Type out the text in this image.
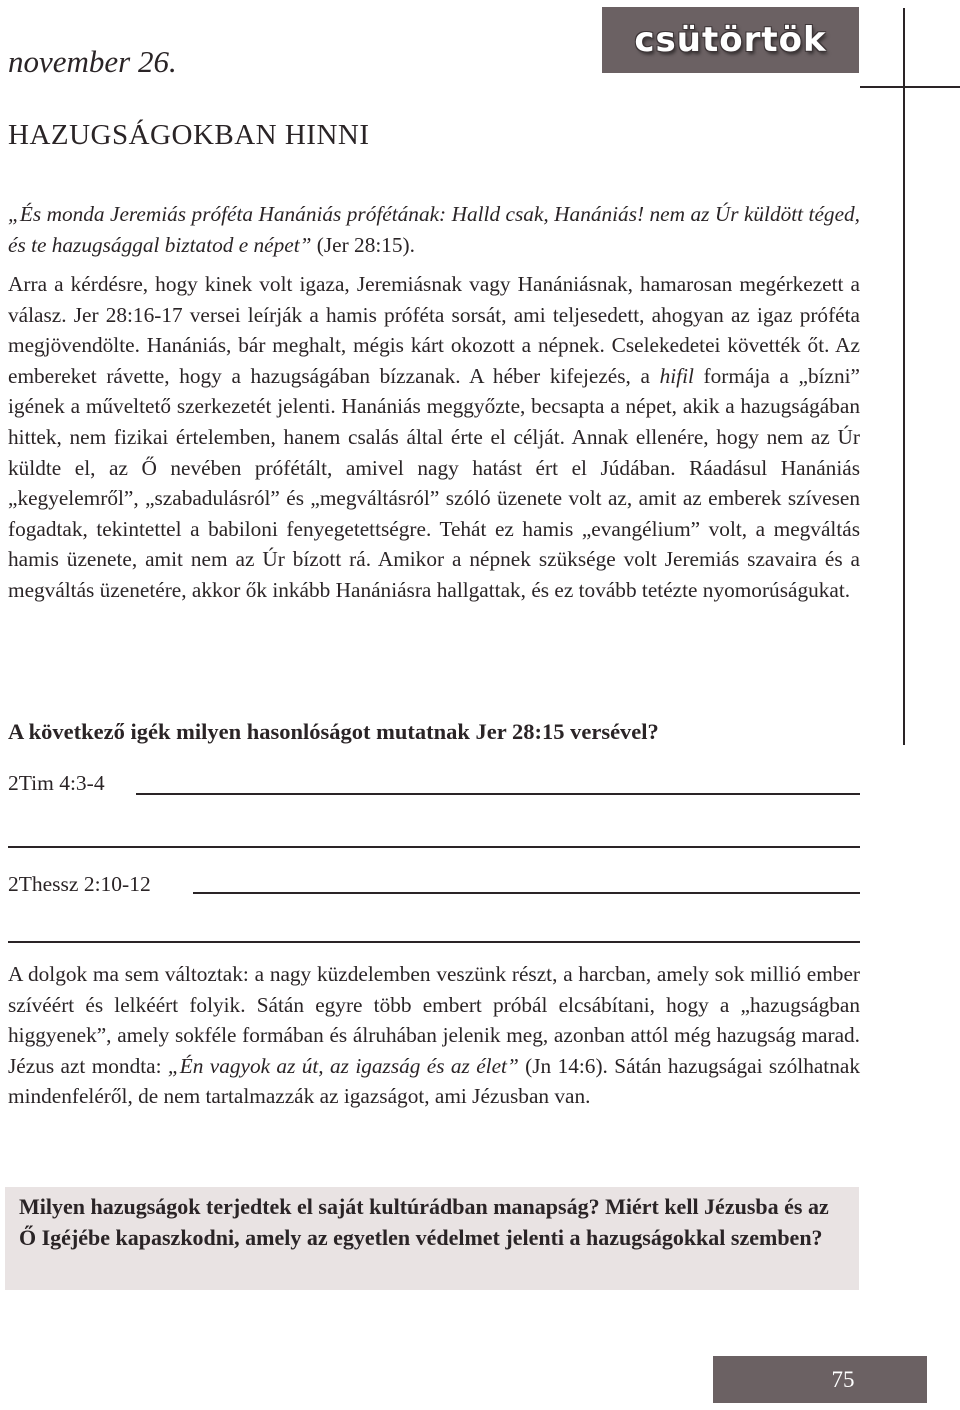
november 26.
csütörtök
HAZUGSÁGOKBAN HINNI

„És monda Jeremiás próféta Hanániás prófétának: Halld csak, Hanániás! nem az Úr küldött téged, és te hazugsággal biztatod e népet” (Jer 28:15).

Arra a kérdésre, hogy kinek volt igaza, Jeremiásnak vagy Hanániásnak, hamarosan megérkezett a válasz. Jer 28:16-17 versei leírják a hamis próféta sorsát, ami teljesedett, ahogyan az igaz próféta megjövendölte. Hanániás, bár meghalt, mégis kárt okozott a népnek. Cselekedetei követték őt. Az embereket rávette, hogy a hazugságában bízzanak. A héber kifejezés, a hifil formája a „bízni” igének a műveltető szerkezetét jelenti. Hanániás meggyőzte, becsapta a népet, akik a hazugságában hittek, nem fizikai értelemben, hanem csalás által érte el célját. Annak ellenére, hogy nem az Úr küldte el, az Ő nevében prófétált, amivel nagy hatást ért el Júdában. Ráadásul Hanániás „kegyelemről”, „szabadulásról” és „megváltásról” szóló üzenete volt az, amit az emberek szívesen fogadtak, tekintettel a babiloni fenyegetettségre. Tehát ez hamis „evangélium” volt, a megváltás hamis üzenete, amit nem az Úr bízott rá. Amikor a népnek szüksége volt Jeremiás szavaira és a megváltás üzenetére, akkor ők inkább Hanániásra hallgattak, és ez tovább tetézte nyomorúságukat.

A következő igék milyen hasonlóságot mutatnak Jer 28:15 versével?
2Tim 4:3-4
2Thessz 2:10-12

A dolgok ma sem változtak: a nagy küzdelemben veszünk részt, a harcban, amely sok millió ember szívéért és lelkéért folyik. Sátán egyre több embert próbál elcsábítani, hogy a „hazugságban higgyenek”, amely sokféle formában és álruhában jelenik meg, azonban attól még hazugság marad. Jézus azt mondta: „Én vagyok az út, az igazság és az élet” (Jn 14:6). Sátán hazugságai szólhatnak mindenfeléről, de nem tartalmazzák az igazságot, ami Jézusban van.

Milyen hazugságok terjedtek el saját kultúrádban manapság? Miért kell Jézusba és az Ő Igéjébe kapaszkodni, amely az egyetlen védelmet jelenti a hazugságokkal szemben?

75
